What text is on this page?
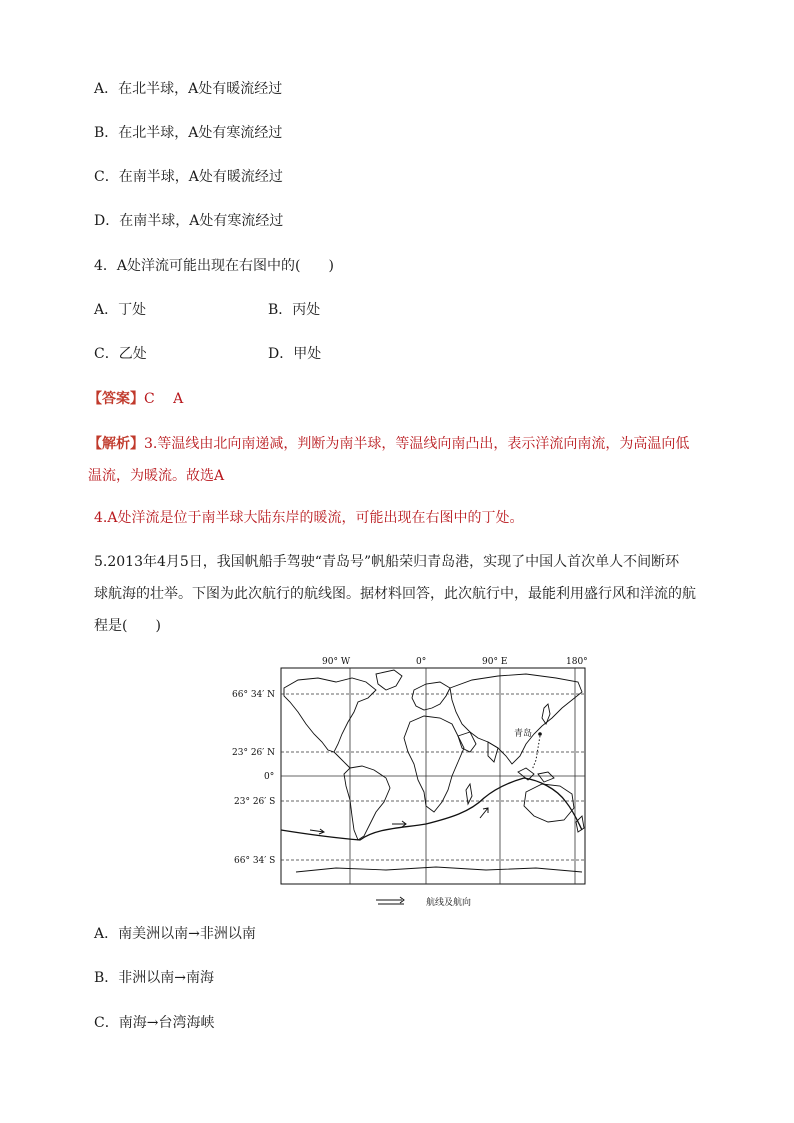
A．在北半球，A处有暖流经过
B．在北半球，A处有寒流经过
C．在南半球，A处有暖流经过
D．在南半球，A处有寒流经过
4．A处洋流可能出现在右图中的(　　)
A．丁处	B．丙处
C．乙处	D．甲处
【答案】C　 A
【解析】3.等温线由北向南递减，判断为南半球，等温线向南凸出，表示洋流向南流，为高温向低
温流，为暖流。故选A
4.A处洋流是位于南半球大陆东岸的暖流，可能出现在右图中的丁处。
5.2013年4月5日，我国帆船手驾驶“青岛号”帆船荣归青岛港，实现了中国人首次单人不间断环
球航海的壮举。下图为此次航行的航线图。据材料回答，此次航行中，最能利用盛行风和洋流的航
程是(　　)
90° W	0°	90° E	180°
66° 34′ N
23° 26′ N
0°
23° 26′ S
66° 34′ S
青岛
航线及航向
A．南美洲以南→非洲以南
B．非洲以南→南海
C．南海→台湾海峡
